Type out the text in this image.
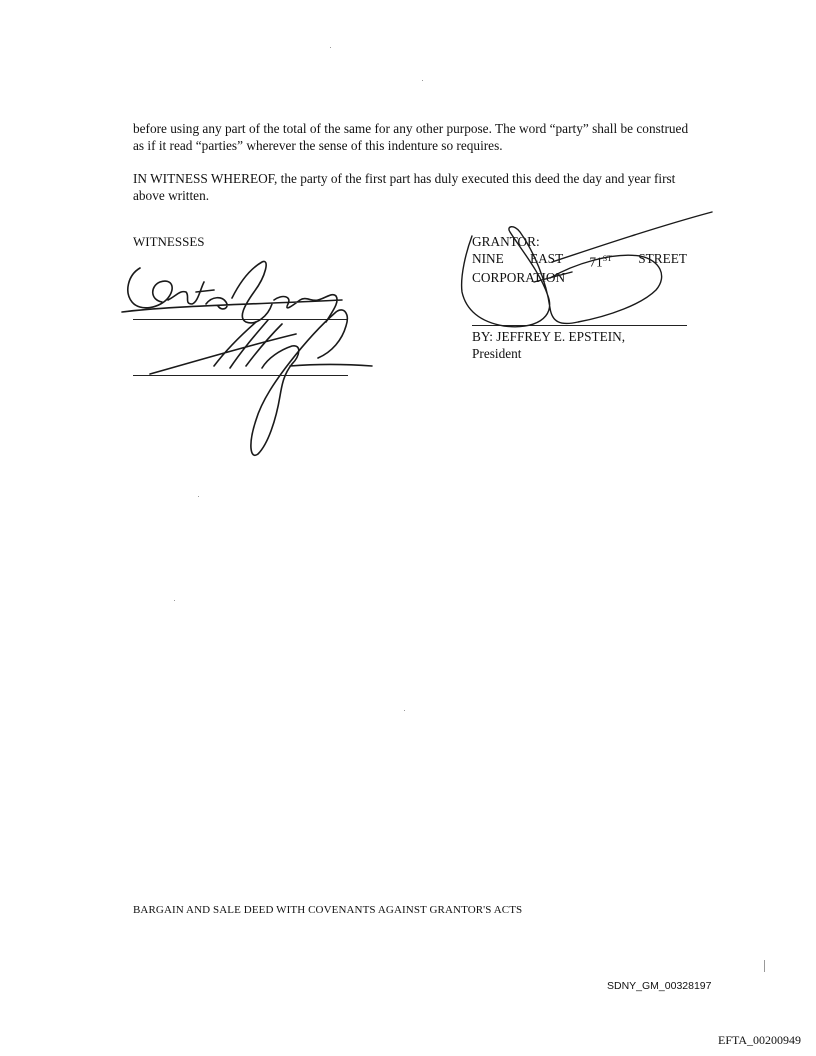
before using any part of the total of the same for any other purpose. The word “party” shall be construed as if it read “parties” wherever the sense of this indenture so requires.

IN WITNESS WHEREOF, the party of the first part has duly executed this deed the day and year first above written.

WITNESSES	GRANTOR:
NINE EAST 71ST STREET
CORPORATION
BY: JEFFREY E. EPSTEIN,
President
BARGAIN AND SALE DEED WITH COVENANTS AGAINST GRANTOR'S ACTS
SDNY_GM_00328197
EFTA_00200949
